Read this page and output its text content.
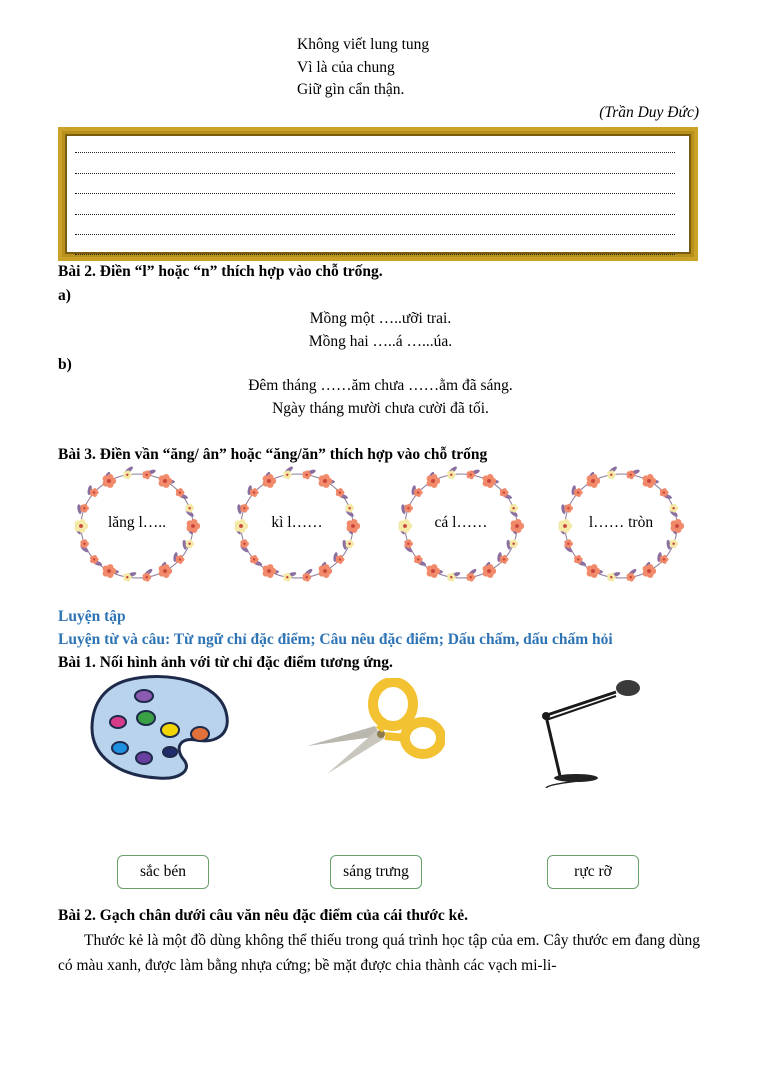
Không viết lung tung
Vì là của chung
Giữ gìn cẩn thận.
(Trần Duy Đức)
Bài 2. Điền “l” hoặc “n” thích hợp vào chỗ trống.
a)
Mồng một …..ưỡi trai.
Mồng hai …..á …...úa.
b)
Đêm tháng ……ăm chưa ……ằm đã sáng.
Ngày tháng mười chưa cười đã tối.
Bài 3. Điền vần “ăng/ ân” hoặc “ăng/ăn” thích hợp vào chỗ trống
lăng l…..	kì l……	cá l……	l…… tròn
Luyện tập
Luyện từ và câu: Từ ngữ chỉ đặc điểm; Câu nêu đặc điểm; Dấu chấm, dấu chấm hỏi
Bài 1. Nối hình ảnh với từ chỉ đặc điểm tương ứng.
sắc bén	sáng trưng	rực rỡ
Bài 2. Gạch chân dưới câu văn nêu đặc điểm của cái thước kẻ.
Thước kẻ là một đồ dùng không thể thiếu trong quá trình học tập của em. Cây thước em đang dùng có màu xanh, được làm bằng nhựa cứng; bề mặt được chia thành các vạch mi-li-
